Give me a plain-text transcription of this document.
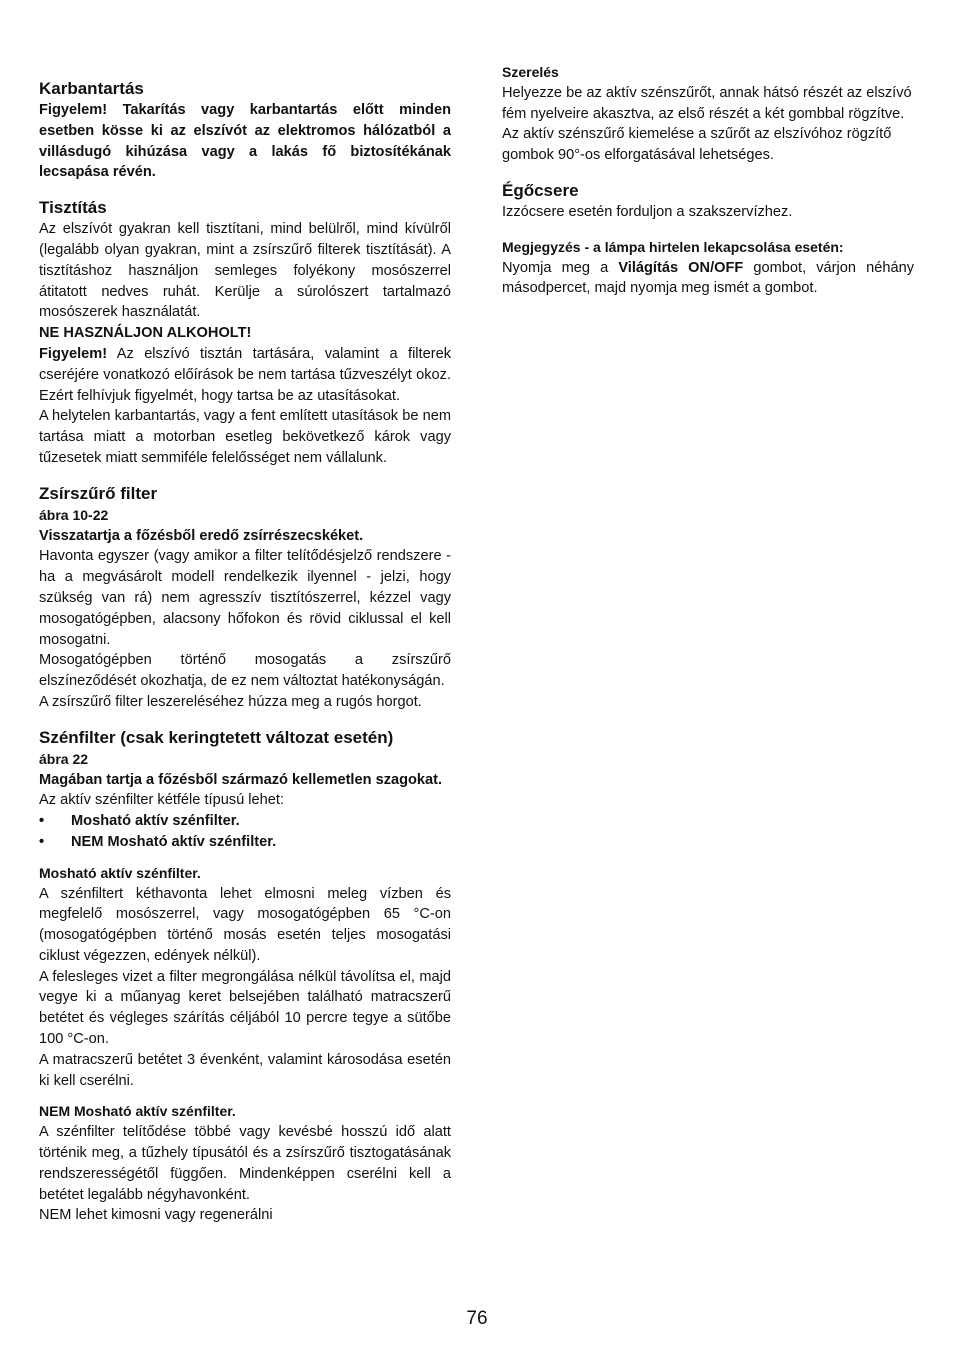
Karbantartás

Figyelem! Takarítás vagy karbantartás előtt minden esetben kösse ki az elszívót az elektromos hálózatból a villásdugó kihúzása vagy a lakás fő biztosítékának lecsapása révén.

Tisztítás

Az elszívót gyakran kell tisztítani, mind belülről, mind kívülről (legalább olyan gyakran, mint a zsírszűrő filterek tisztítását). A tisztításhoz használjon semleges folyékony mosószerrel átitatott nedves ruhát. Kerülje a súrolószert tartalmazó mosószerek használatát.

NE HASZNÁLJON ALKOHOLT!

Figyelem! Az elszívó tisztán tartására, valamint a filterek cseréjére vonatkozó előírások be nem tartása tűzveszélyt okoz. Ezért felhívjuk figyelmét, hogy tartsa be az utasításokat.

A helytelen karbantartás, vagy a fent említett utasítások be nem tartása miatt a motorban esetleg bekövetkező károk vagy tűzesetek miatt semmiféle felelősséget nem vállalunk.

Zsírszűrő filter

ábra 10-22

Visszatartja a főzésből eredő zsírrészecskéket.

Havonta egyszer (vagy amikor a filter telítődésjelző rendszere - ha a megvásárolt modell rendelkezik ilyennel - jelzi, hogy szükség van rá) nem agresszív tisztítószerrel, kézzel vagy mosogatógépben, alacsony hőfokon és rövid ciklussal el kell mosogatni.

Mosogatógépben történő mosogatás a zsírszűrő elszíneződését okozhatja, de ez nem változtat hatékonyságán.

A zsírszűrő filter leszereléséhez húzza meg a rugós horgot.

Szénfilter (csak keringtetett változat esetén)

ábra 22

Magában tartja a főzésből származó kellemetlen szagokat.

Az aktív szénfilter kétféle típusú lehet:

•	Mosható aktív szénfilter.
•	NEM Mosható aktív szénfilter.

Mosható aktív szénfilter.

A szénfiltert kéthavonta lehet elmosni meleg vízben és megfelelő mosószerrel, vagy mosogatógépben 65 °C-on (mosogatógépben történő mosás esetén teljes mosogatási ciklust végezzen, edények nélkül).

A felesleges vizet a filter megrongálása nélkül távolítsa el, majd vegye ki a műanyag keret belsejében található matracszerű betétet és végleges szárítás céljából 10 percre tegye a sütőbe 100 °C-on.

A matracszerű betétet 3 évenként, valamint károsodása esetén ki kell cserélni.

NEM Mosható aktív szénfilter.

A szénfilter telítődése többé vagy kevésbé hosszú idő alatt történik meg, a tűzhely típusától és a zsírszűrő tisztogatásának rendszerességétől függően. Mindenképpen cserélni kell a betétet legalább négyhavonként.

NEM lehet kimosni vagy regenerálni

Szerelés

Helyezze be az aktív szénszűrőt, annak hátsó részét az elszívó fém nyelveire akasztva, az első részét a két gombbal rögzítve.

Az aktív szénszűrő kiemelése a szűrőt az elszívóhoz rögzítő gombok 90°-os elforgatásával lehetséges.

Égőcsere

Izzócsere esetén forduljon a szakszervízhez.

Megjegyzés - a lámpa hirtelen lekapcsolása esetén:

Nyomja meg a Világítás ON/OFF gombot, várjon néhány másodpercet, majd nyomja meg ismét a gombot.

76
